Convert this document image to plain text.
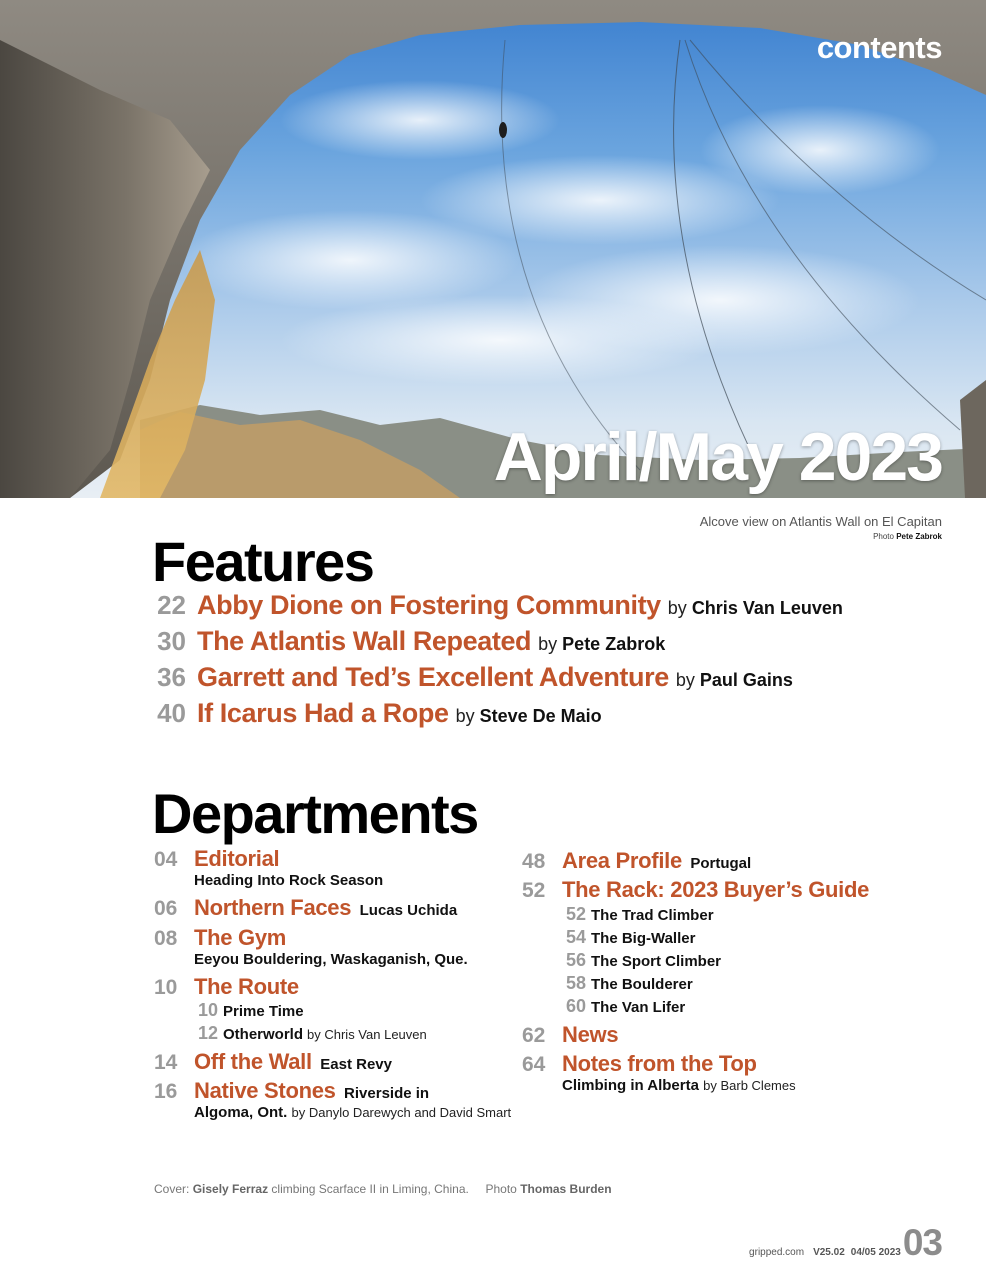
contents
April/May 2023
Alcove view on Atlantis Wall on El Capitan
Photo Pete Zabrok
Features
22 Abby Dione on Fostering Community by Chris Van Leuven
30 The Atlantis Wall Repeated by Pete Zabrok
36 Garrett and Ted’s Excellent Adventure by Paul Gains
40 If Icarus Had a Rope by Steve De Maio
Departments
04 Editorial
Heading Into Rock Season
06 Northern Faces Lucas Uchida
08 The Gym
Eeyou Bouldering, Waskaganish, Que.
10 The Route
10 Prime Time
12 Otherworld by Chris Van Leuven
14 Off the Wall East Revy
16 Native Stones Riverside in
Algoma, Ont. by Danylo Darewych and David Smart
48 Area Profile Portugal
52 The Rack: 2023 Buyer’s Guide
52 The Trad Climber
54 The Big-Waller
56 The Sport Climber
58 The Boulderer
60 The Van Lifer
62 News
64 Notes from the Top
Climbing in Alberta by Barb Clemes
Cover: Gisely Ferraz climbing Scarface II in Liming, China. Photo Thomas Burden
gripped.com V25.02 04/05 2023 03
